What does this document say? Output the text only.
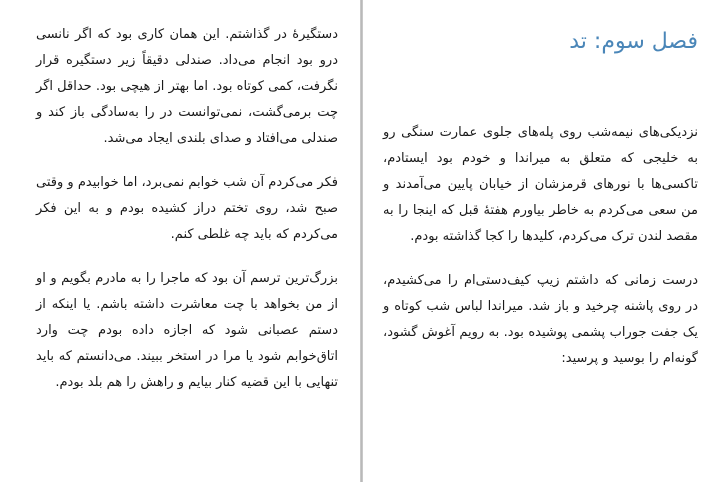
دستگیره‌ٔ در گذاشتم. این همان کاری بود که اگر نانسی درو بود انجام می‌داد. صندلی دقیقاً زیر دستگیره قرار نگرفت، کمی کوتاه بود. اما بهتر از هیچی بود. حداقل اگر چت برمی‌گشت، نمی‌توانست در را به‌سادگی باز کند و صندلی می‌افتاد و صدای بلندی ایجاد می‌شد.

فکر می‌کردم آن شب خوابم نمی‌برد، اما خوابیدم و وقتی صبح شد، روی تختم دراز کشیده بودم و به این فکر می‌کردم که باید چه غلطی کنم.

بزرگ‌ترین ترسم آن بود که ماجرا را به مادرم بگویم و او از من بخواهد با چت معاشرت داشته باشم. یا اینکه از دستم عصبانی شود که اجازه داده بودم چت وارد اتاق‌خوابم شود یا مرا در استخر ببیند. می‌دانستم که باید تنهایی با این قضیه کنار بیایم و راهش را هم بلد بودم.

فصل سوم: تد

نزدیکی‌های نیمه‌شب روی پله‌های جلوی عمارت سنگی رو به خلیجی که متعلق به میراندا و خودم بود ایستادم، تاکسی‌ها با نورهای قرمزشان از خیابان پایین می‌آمدند و من سعی می‌کردم به خاطر بیاورم هفته‌ٔ قبل که اینجا را به مقصد لندن ترک می‌کردم، کلیدها را کجا گذاشته بودم.

درست زمانی که داشتم زیپ کیف‌دستی‌ام را می‌کشیدم، در روی پاشنه چرخید و باز شد. میراندا لباس شب کوتاه و یک جفت جوراب پشمی پوشیده بود. به رویم آغوش گشود، گونه‌ام را بوسید و پرسید:
